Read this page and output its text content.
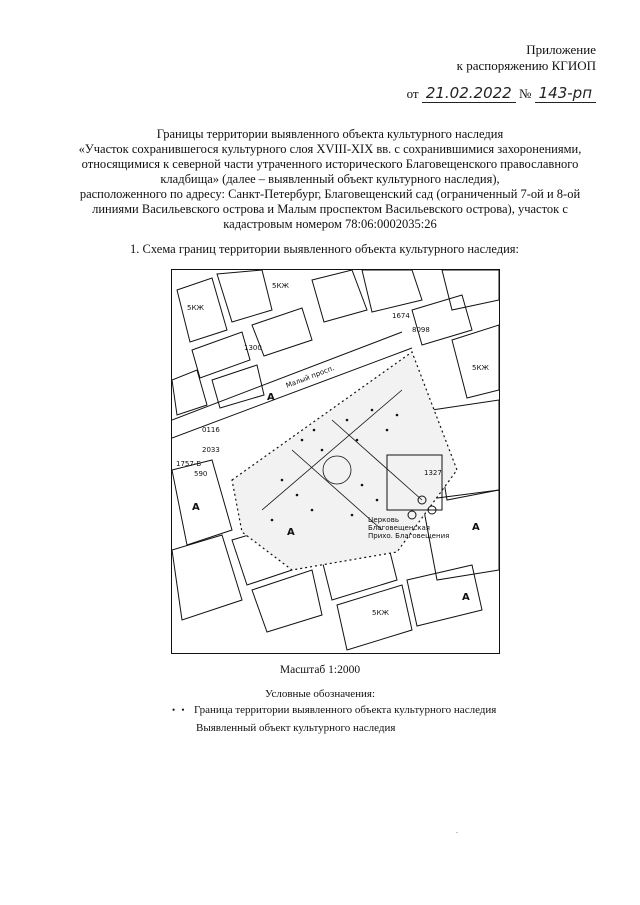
Приложение
к распоряжению КГИОП
от 21.02.2022 № 143-рп
Границы территории выявленного объекта культурного наследия
«Участок сохранившегося культурного слоя XVIII-XIX вв. с сохранившимися захоронениями,
относящимися к северной части утраченного исторического Благовещенского православного
кладбища» (далее – выявленный объект культурного наследия),
расположенного по адресу: Санкт-Петербург, Благовещенский сад (ограниченный 7-ой и 8-ой
линиями Васильевского острова и Малым проспектом Васильевского острова), участок с
кадастровым номером 78:06:0002035:26
1. Схема границ территории выявленного объекта культурного наследия:
Малый просп.
1674
8098
0116
2033
1757-Б
590	1327
1300
Церковь
Благовещенская
Прихо. Благовещения
5КЖ
5КЖ
5КЖ
5КЖ
А
А
А
А
А
Масштаб 1:2000
Условные обозначения:
• • Граница территории выявленного объекта культурного наследия
Выявленный объект культурного наследия
.
